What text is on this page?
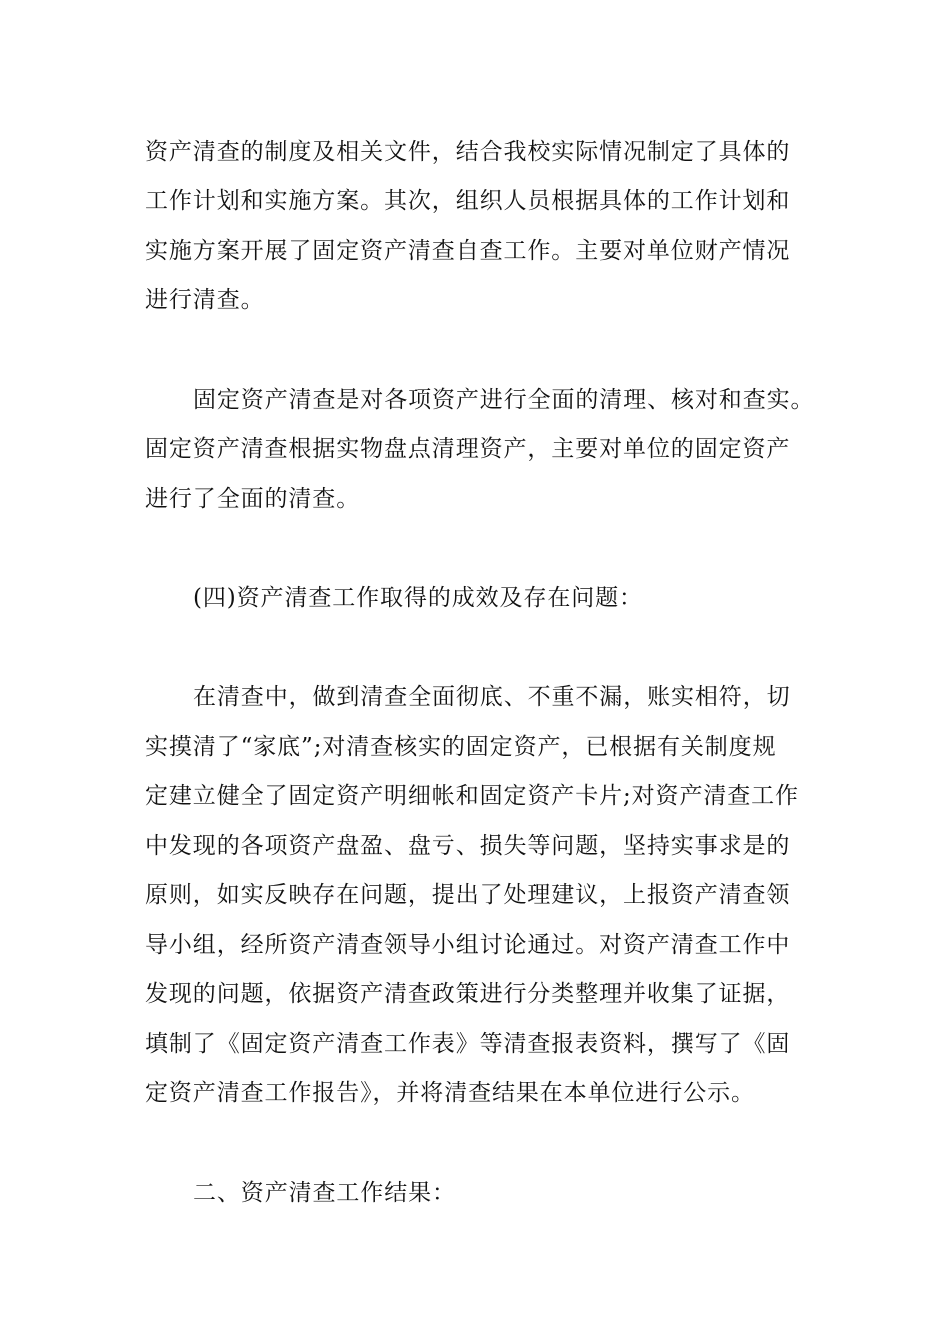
资产清查的制度及相关文件，结合我校实际情况制定了具体的
工作计划和实施方案。其次，组织人员根据具体的工作计划和
实施方案开展了固定资产清查自查工作。主要对单位财产情况
进行清查。
固定资产清查是对各项资产进行全面的清理、核对和查实。
固定资产清查根据实物盘点清理资产，主要对单位的固定资产
进行了全面的清查。
(四)资产清查工作取得的成效及存在问题：
在清查中，做到清查全面彻底、不重不漏，账实相符，切
实摸清了“家底”;对清查核实的固定资产，已根据有关制度规
定建立健全了固定资产明细帐和固定资产卡片;对资产清查工作
中发现的各项资产盘盈、盘亏、损失等问题，坚持实事求是的
原则，如实反映存在问题，提出了处理建议，上报资产清查领
导小组，经所资产清查领导小组讨论通过。对资产清查工作中
发现的问题，依据资产清查政策进行分类整理并收集了证据，
填制了《固定资产清查工作表》等清查报表资料，撰写了《固
定资产清查工作报告》，并将清查结果在本单位进行公示。
二、资产清查工作结果：
